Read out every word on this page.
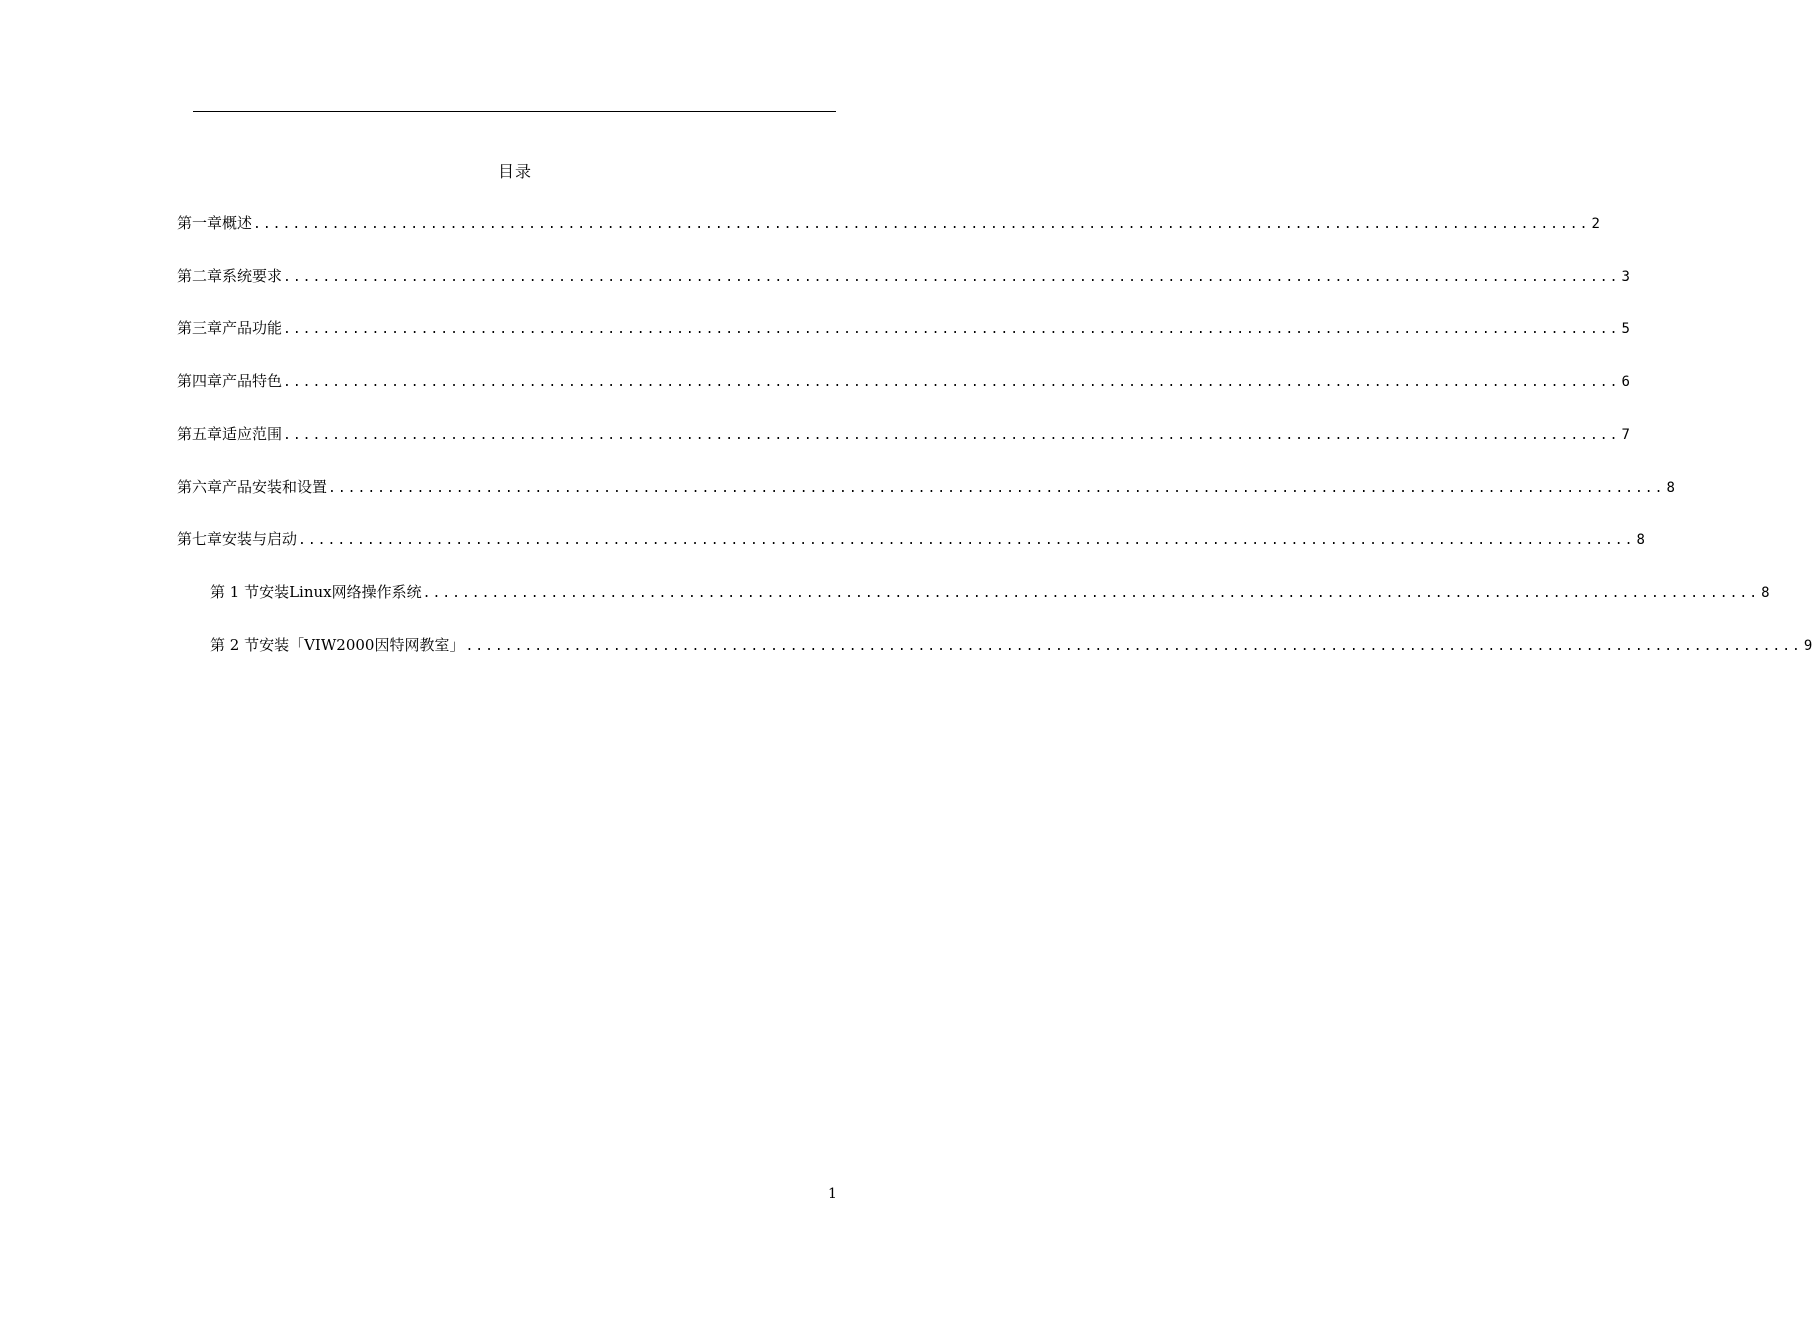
目录
第一章 概述 ........................................................................................................................................ 2
第二章 系统要求 ........................................................................................................................................ 3
第三章 产品功能 ........................................................................................................................................ 5
第四章 产品特色 ........................................................................................................................................ 6
第五章 适应范围 ........................................................................................................................................ 7
第六章 产品安装和设置 ........................................................................................................................................ 8
第七章 安装与启动 ........................................................................................................................................ 8
第 1 节 安装Linux网络操作系统 ........................................................................................................................................ 8
第 2 节 安装「VIW2000因特网教室」 ........................................................................................................................................ 9
1
